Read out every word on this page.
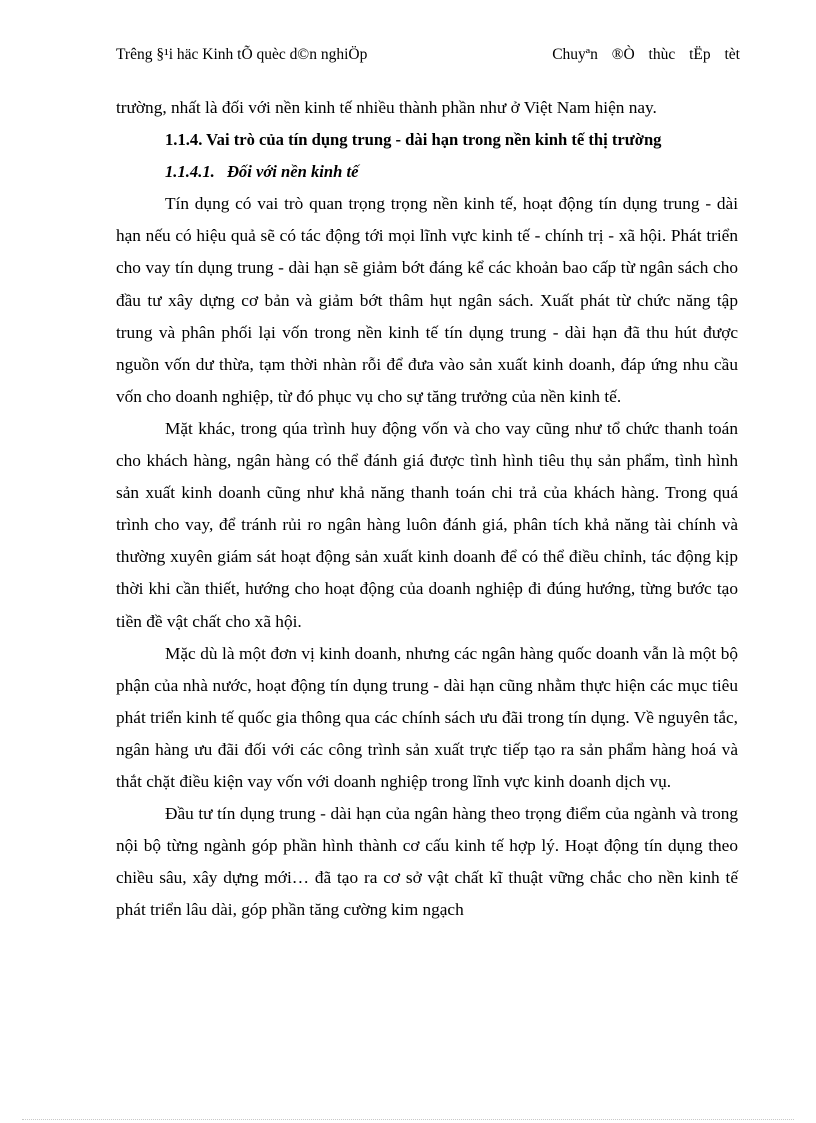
Trêng §¹i häc Kinh tÕ quèc d©n nghiÖp	Chuyªn ®Ò thùc tËp tèt

trường, nhất là đối với nền kinh tế nhiều thành phần như ở Việt Nam hiện nay.

1.1.4. Vai trò của tín dụng trung - dài hạn trong nền kinh tế thị trường
1.1.4.1. Đối với nền kinh tế

Tín dụng có vai trò quan trọng trọng nền kinh tế, hoạt động tín dụng trung - dài hạn nếu có hiệu quả sẽ có tác động tới mọi lĩnh vực kinh tế - chính trị - xã hội. Phát triển cho vay tín dụng trung - dài hạn sẽ giảm bớt đáng kể các khoản bao cấp từ ngân sách cho đầu tư xây dựng cơ bản và giảm bớt thâm hụt ngân sách. Xuất phát từ chức năng tập trung và phân phối lại vốn trong nền kinh tế tín dụng trung - dài hạn đã thu hút được nguồn vốn dư thừa, tạm thời nhàn rỗi để đưa vào sản xuất kinh doanh, đáp ứng nhu cầu vốn cho doanh nghiệp, từ đó phục vụ cho sự tăng trưởng của nền kinh tế.

Mặt khác, trong qúa trình huy động vốn và cho vay cũng như tổ chức thanh toán cho khách hàng, ngân hàng có thể đánh giá được tình hình tiêu thụ sản phẩm, tình hình sản xuất kinh doanh cũng như khả năng thanh toán chi trả của khách hàng. Trong quá trình cho vay, để tránh rủi ro ngân hàng luôn đánh giá, phân tích khả năng tài chính và thường xuyên giám sát hoạt động sản xuất kinh doanh để có thể điều chỉnh, tác động kịp thời khi cần thiết, hướng cho hoạt động của doanh nghiệp đi đúng hướng, từng bước tạo tiền đề vật chất cho xã hội.

Mặc dù là một đơn vị kinh doanh, nhưng các ngân hàng quốc doanh vẫn là một bộ phận của nhà nước, hoạt động tín dụng trung - dài hạn cũng nhằm thực hiện các mục tiêu phát triển kinh tế quốc gia thông qua các chính sách ưu đãi trong tín dụng. Về nguyên tắc, ngân hàng ưu đãi đối với các công trình sản xuất trực tiếp tạo ra sản phẩm hàng hoá và thắt chặt điều kiện vay vốn với doanh nghiệp trong lĩnh vực kinh doanh dịch vụ.

Đầu tư tín dụng trung - dài hạn của ngân hàng theo trọng điểm của ngành và trong nội bộ từng ngành góp phần hình thành cơ cấu kinh tế hợp lý. Hoạt động tín dụng theo chiều sâu, xây dựng mới… đã tạo ra cơ sở vật chất kĩ thuật vững chắc cho nền kinh tế phát triển lâu dài, góp phần tăng cường kim ngạch
